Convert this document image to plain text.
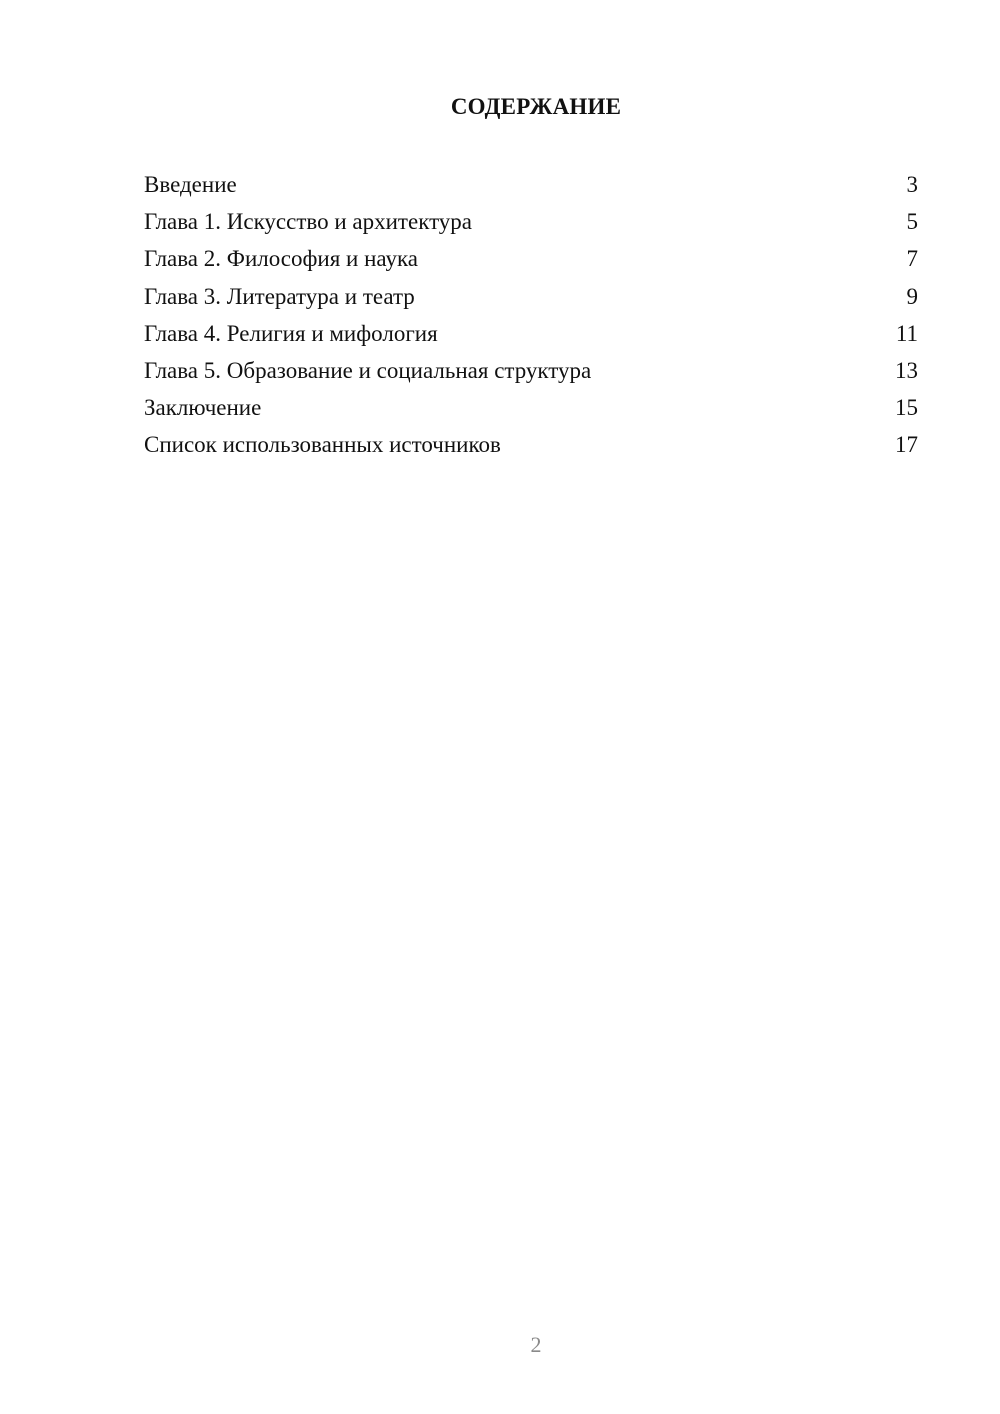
СОДЕРЖАНИЕ
Введение	3
Глава 1. Искусство и архитектура	5
Глава 2. Философия и наука	7
Глава 3. Литература и театр	9
Глава 4. Религия и мифология	11
Глава 5. Образование и социальная структура	13
Заключение	15
Список использованных источников	17
2
